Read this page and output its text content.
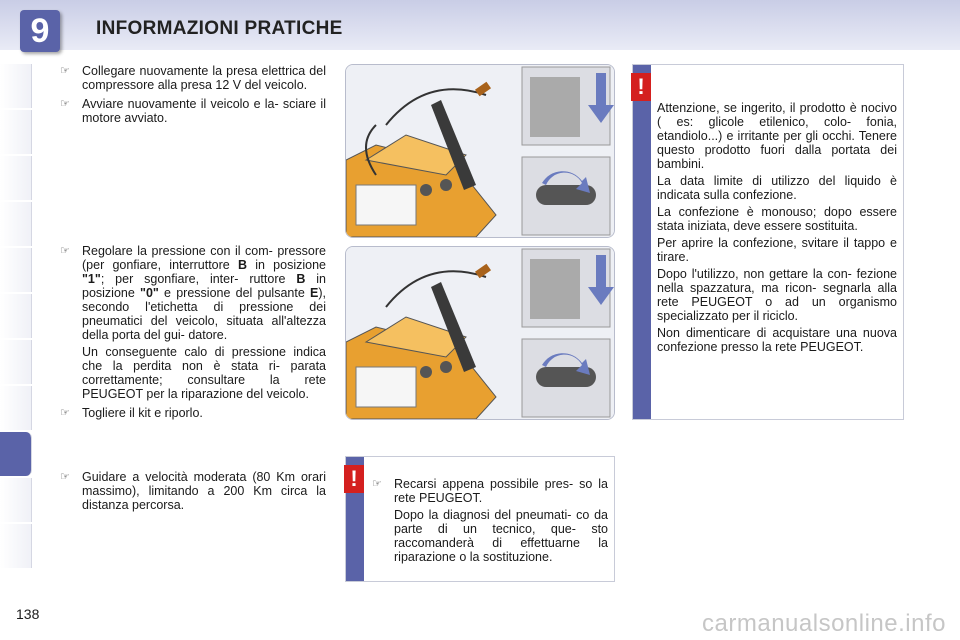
9	INFORMAZIONI PRATICHE
☞ Collegare nuovamente la presa elettrica del compressore alla presa 12 V del veicolo.
☞ Avviare nuovamente il veicolo e la- sciare il motore avviato.
☞ Regolare la pressione con il com- pressore (per gonfiare, interruttore B in posizione "1"; per sgonfiare, inter- ruttore B in posizione "0" e pressione del pulsante E), secondo l'etichetta di pressione dei pneumatici del veicolo, situata all'altezza della porta del gui- datore.
Un conseguente calo di pressione indica che la perdita non è stata ri- parata correttamente; consultare la rete PEUGEOT per la riparazione del veicolo.
☞ Togliere il kit e riporlo.
☞ Guidare a velocità moderata (80 Km orari massimo), limitando a 200 Km circa la distanza percorsa.
!

Attenzione, se ingerito, il prodotto è nocivo ( es: glicole etilenico, colo- fonia, etandiolo...) e irritante per gli occhi. Tenere questo prodotto fuori dalla portata dei bambini.

La data limite di utilizzo del liquido è indicata sulla confezione.

La confezione è monouso; dopo essere stata iniziata, deve essere sostituita.

Per aprire la confezione, svitare il tappo e tirare.

Dopo l'utilizzo, non gettare la con- fezione nella spazzatura, ma ricon- segnarla alla rete PEUGEOT o ad un organismo specializzato per il riciclo.

Non dimenticare di acquistare una nuova confezione presso la rete PEUGEOT.

!	☞ Recarsi appena possibile pres- so la rete PEUGEOT.
Dopo la diagnosi del pneumati- co da parte di un tecnico, que- sto raccomanderà di effettuarne la riparazione o la sostituzione.
138	carmanualsonline.info
